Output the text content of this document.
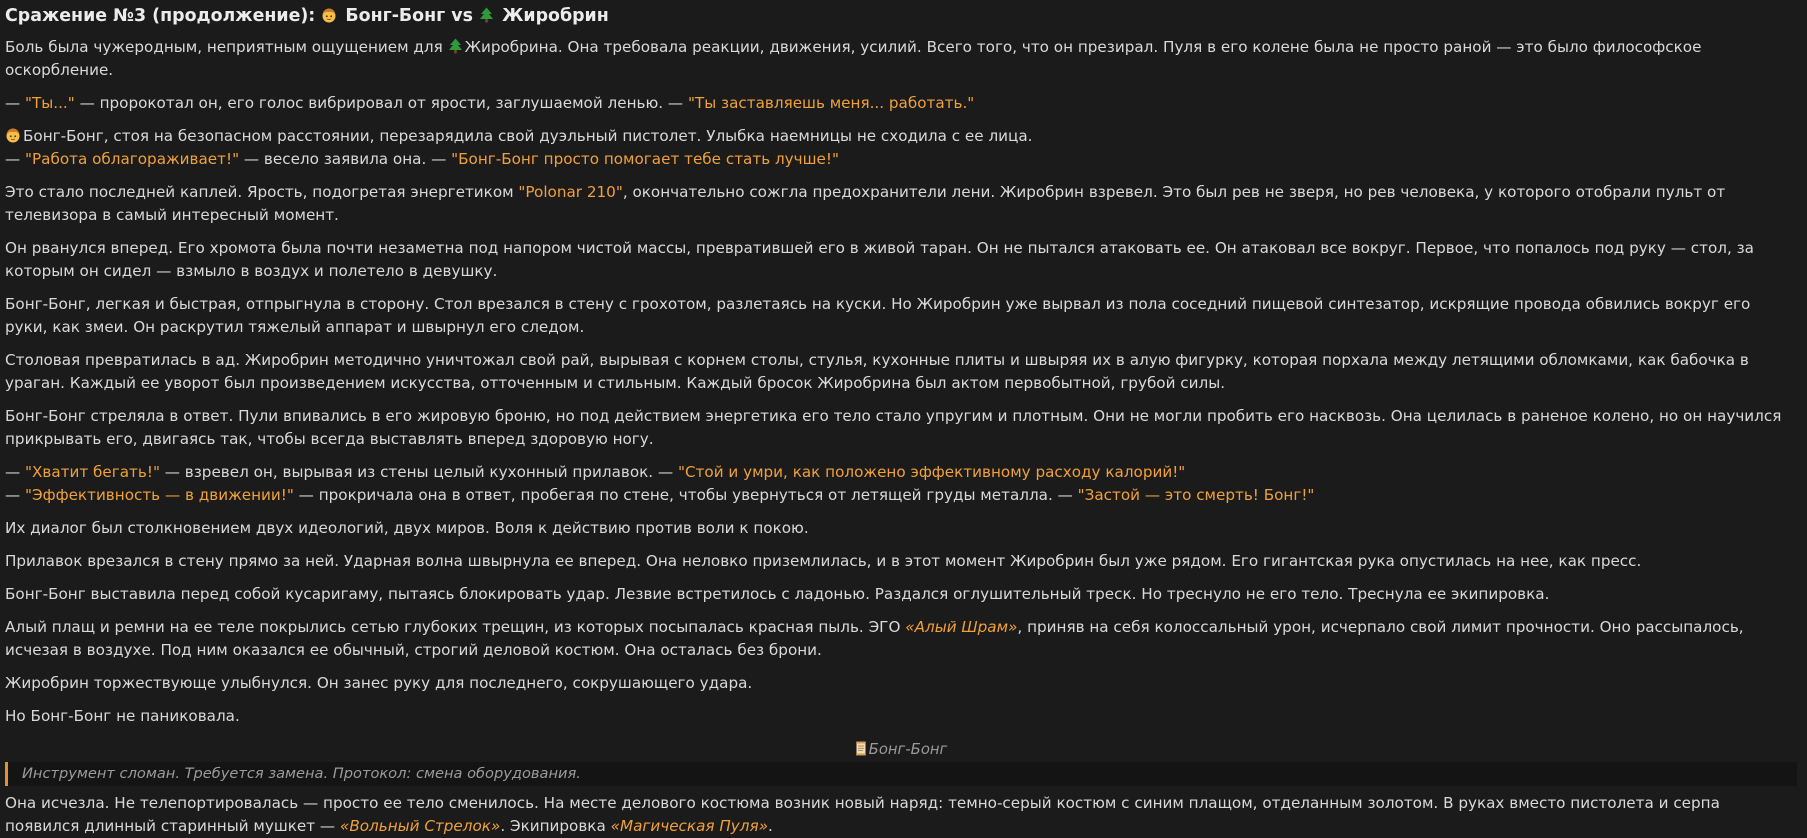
Сражение №3 (продолжение):  Бонг-Бонг vs  Жиробрин

Боль была чужеродным, неприятным ощущением для Жиробрина. Она требовала реакции, движения, усилий. Всего того, что он презирал. Пуля в его колене была не просто раной — это было философское оскорбление.

— "Ты..." — пророкотал он, его голос вибрировал от ярости, заглушаемой ленью. — "Ты заставляешь меня... работать."

Бонг-Бонг, стоя на безопасном расстоянии, перезарядила свой дуэльный пистолет. Улыбка наемницы не сходила с ее лица.

— "Работа облагораживает!" — весело заявила она. — "Бонг-Бонг просто помогает тебе стать лучше!"

Это стало последней каплей. Ярость, подогретая энергетиком "Polonar 210", окончательно сожгла предохранители лени. Жиробрин взревел. Это был рев не зверя, но рев человека, у которого отобрали пульт от телевизора в самый интересный момент.

Он рванулся вперед. Его хромота была почти незаметна под напором чистой массы, превратившей его в живой таран. Он не пытался атаковать ее. Он атаковал все вокруг. Первое, что попалось под руку — стол, за которым он сидел — взмыло в воздух и полетело в девушку.

Бонг-Бонг, легкая и быстрая, отпрыгнула в сторону. Стол врезался в стену с грохотом, разлетаясь на куски. Но Жиробрин уже вырвал из пола соседний пищевой синтезатор, искрящие провода обвились вокруг его руки, как змеи. Он раскрутил тяжелый аппарат и швырнул его следом.

Столовая превратилась в ад. Жиробрин методично уничтожал свой рай, вырывая с корнем столы, стулья, кухонные плиты и швыряя их в алую фигурку, которая порхала между летящими обломками, как бабочка в ураган. Каждый ее уворот был произведением искусства, отточенным и стильным. Каждый бросок Жиробрина был актом первобытной, грубой силы.

Бонг-Бонг стреляла в ответ. Пули впивались в его жировую броню, но под действием энергетика его тело стало упругим и плотным. Они не могли пробить его насквозь. Она целилась в раненое колено, но он научился прикрывать его, двигаясь так, чтобы всегда выставлять вперед здоровую ногу.

— "Хватит бегать!" — взревел он, вырывая из стены целый кухонный прилавок. — "Стой и умри, как положено эффективному расходу калорий!"

— "Эффективность — в движении!" — прокричала она в ответ, пробегая по стене, чтобы увернуться от летящей груды металла. — "Застой — это смерть! Бонг!"

Их диалог был столкновением двух идеологий, двух миров. Воля к действию против воли к покою.

Прилавок врезался в стену прямо за ней. Ударная волна швырнула ее вперед. Она неловко приземлилась, и в этот момент Жиробрин был уже рядом. Его гигантская рука опустилась на нее, как пресс.

Бонг-Бонг выставила перед собой кусаригаму, пытаясь блокировать удар. Лезвие встретилось с ладонью. Раздался оглушительный треск. Но треснуло не его тело. Треснула ее экипировка.

Алый плащ и ремни на ее теле покрылись сетью глубоких трещин, из которых посыпалась красная пыль. ЭГО «Алый Шрам», приняв на себя колоссальный урон, исчерпало свой лимит прочности. Оно рассыпалось, исчезая в воздухе. Под ним оказался ее обычный, строгий деловой костюм. Она осталась без брони.

Жиробрин торжествующе улыбнулся. Он занес руку для последнего, сокрушающего удара.

Но Бонг-Бонг не паниковала.

Бонг-Бонг
Инструмент сломан. Требуется замена. Протокол: смена оборудования.

Она исчезла. Не телепортировалась — просто ее тело сменилось. На месте делового костюма возник новый наряд: темно-серый костюм с синим плащом, отделанным золотом. В руках вместо пистолета и серпа появился длинный старинный мушкет — «Вольный Стрелок». Экипировка «Магическая Пуля».
